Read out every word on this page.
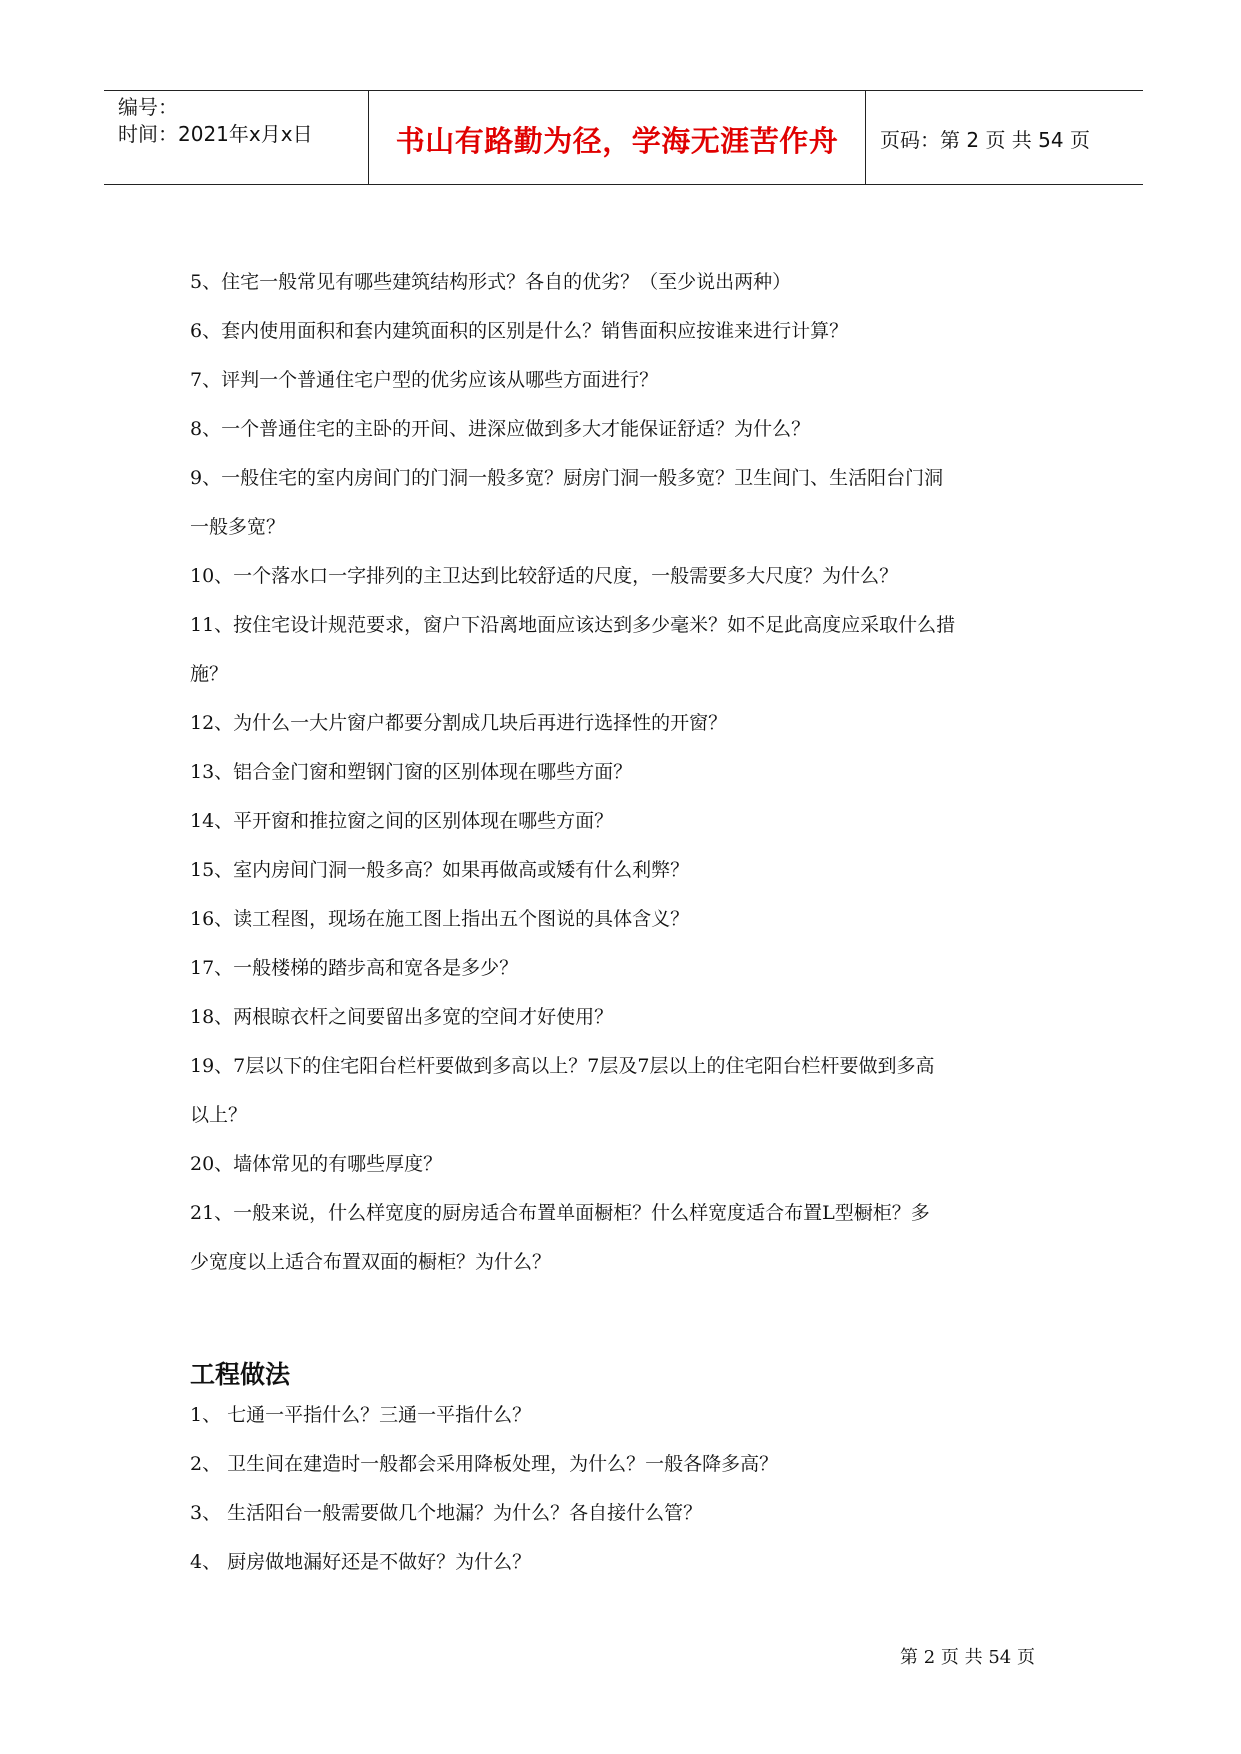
编号：
时间：2021年x月x日	书山有路勤为径，学海无涯苦作舟	页码：第 2 页 共 54 页
5、住宅一般常见有哪些建筑结构形式？各自的优劣？（至少说出两种）
6、套内使用面积和套内建筑面积的区别是什么？销售面积应按谁来进行计算？
7、评判一个普通住宅户型的优劣应该从哪些方面进行？
8、一个普通住宅的主卧的开间、进深应做到多大才能保证舒适？为什么？
9、一般住宅的室内房间门的门洞一般多宽？厨房门洞一般多宽？卫生间门、生活阳台门洞
一般多宽？
10、一个落水口一字排列的主卫达到比较舒适的尺度，一般需要多大尺度？为什么？
11、按住宅设计规范要求，窗户下沿离地面应该达到多少毫米？如不足此高度应采取什么措
施？
12、为什么一大片窗户都要分割成几块后再进行选择性的开窗？
13、铝合金门窗和塑钢门窗的区别体现在哪些方面？
14、平开窗和推拉窗之间的区别体现在哪些方面？
15、室内房间门洞一般多高？如果再做高或矮有什么利弊？
16、读工程图，现场在施工图上指出五个图说的具体含义？
17、一般楼梯的踏步高和宽各是多少？
18、两根晾衣杆之间要留出多宽的空间才好使用？
19、7层以下的住宅阳台栏杆要做到多高以上？7层及7层以上的住宅阳台栏杆要做到多高
以上？
20、墙体常见的有哪些厚度？
21、一般来说，什么样宽度的厨房适合布置单面橱柜？什么样宽度适合布置L型橱柜？多
少宽度以上适合布置双面的橱柜？为什么？
工程做法
1、 七通一平指什么？三通一平指什么？
2、 卫生间在建造时一般都会采用降板处理，为什么？一般各降多高？
3、 生活阳台一般需要做几个地漏？为什么？各自接什么管？
4、 厨房做地漏好还是不做好？为什么？
第 2 页 共 54 页
